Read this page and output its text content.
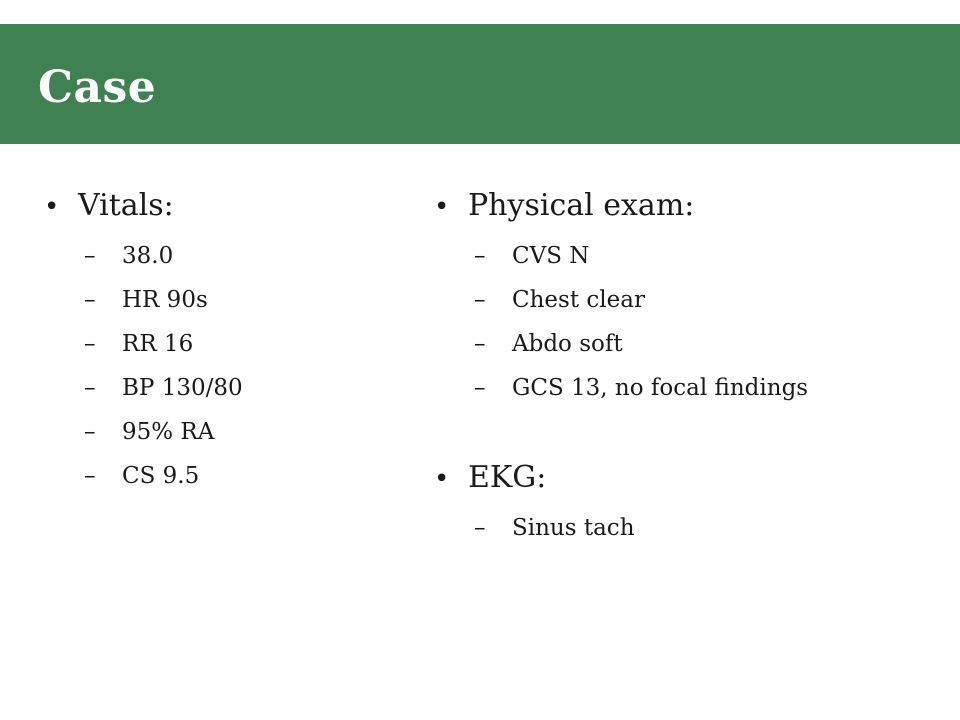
Case
• Vitals:
–	38.0
–	HR 90s
–	RR 16
–	BP 130/80
–	95% RA
–	CS 9.5
• Physical exam:
–	CVS N
–	Chest clear
–	Abdo soft
–	GCS 13, no focal findings
• EKG:
–	Sinus tach
